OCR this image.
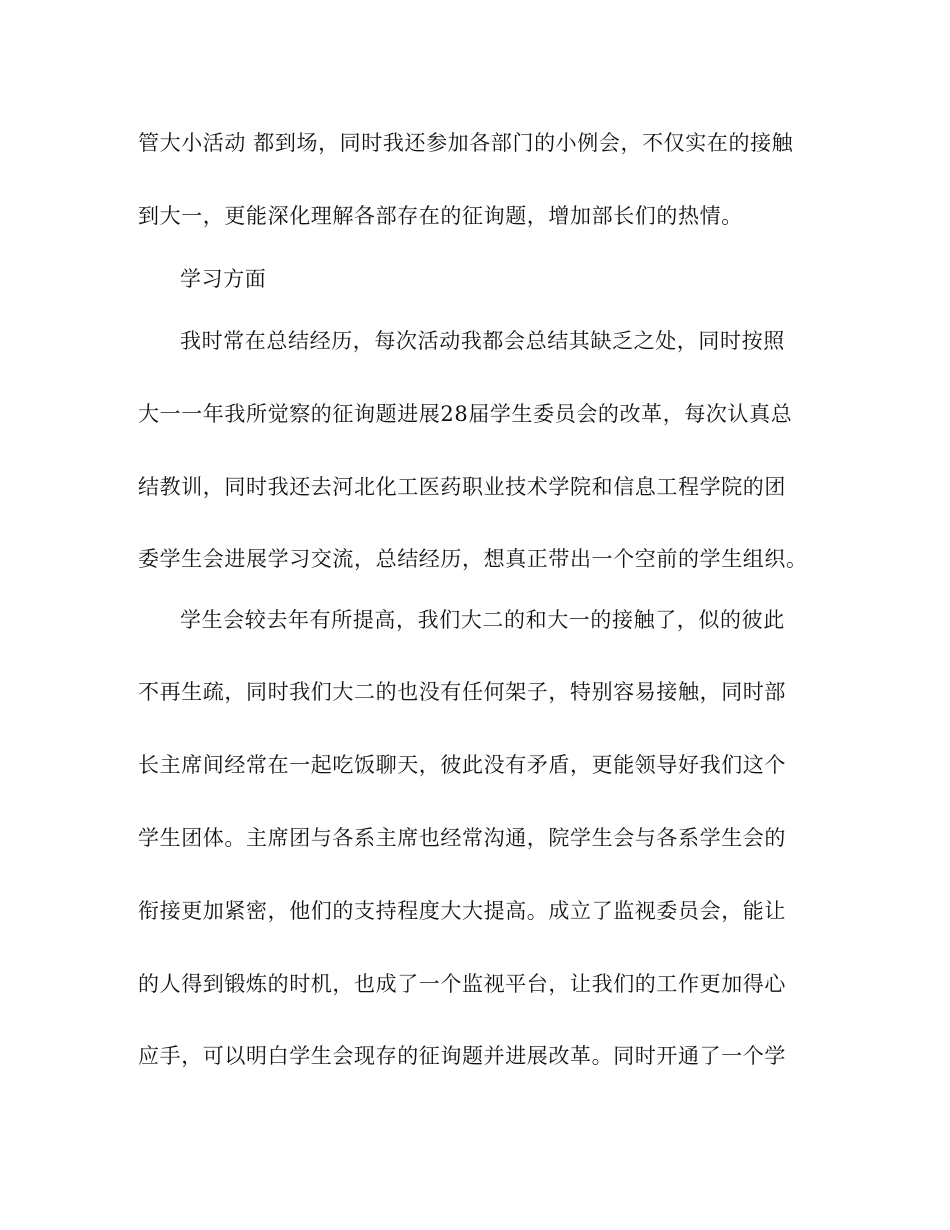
管大小活动 都到场，同时我还参加各部门的小例会，不仅实在的接触
到大一，更能深化理解各部存在的征询题，增加部长们的热情。
学习方面
我时常在总结经历，每次活动我都会总结其缺乏之处，同时按照
大一一年我所觉察的征询题进展28届学生委员会的改革，每次认真总
结教训，同时我还去河北化工医药职业技术学院和信息工程学院的团
委学生会进展学习交流，总结经历，想真正带出一个空前的学生组织。
学生会较去年有所提高，我们大二的和大一的接触了，似的彼此
不再生疏，同时我们大二的也没有任何架子，特别容易接触，同时部
长主席间经常在一起吃饭聊天，彼此没有矛盾，更能领导好我们这个
学生团体。主席团与各系主席也经常沟通，院学生会与各系学生会的
衔接更加紧密，他们的支持程度大大提高。成立了监视委员会，能让
的人得到锻炼的时机，也成了一个监视平台，让我们的工作更加得心
应手，可以明白学生会现存的征询题并进展改革。同时开通了一个学
